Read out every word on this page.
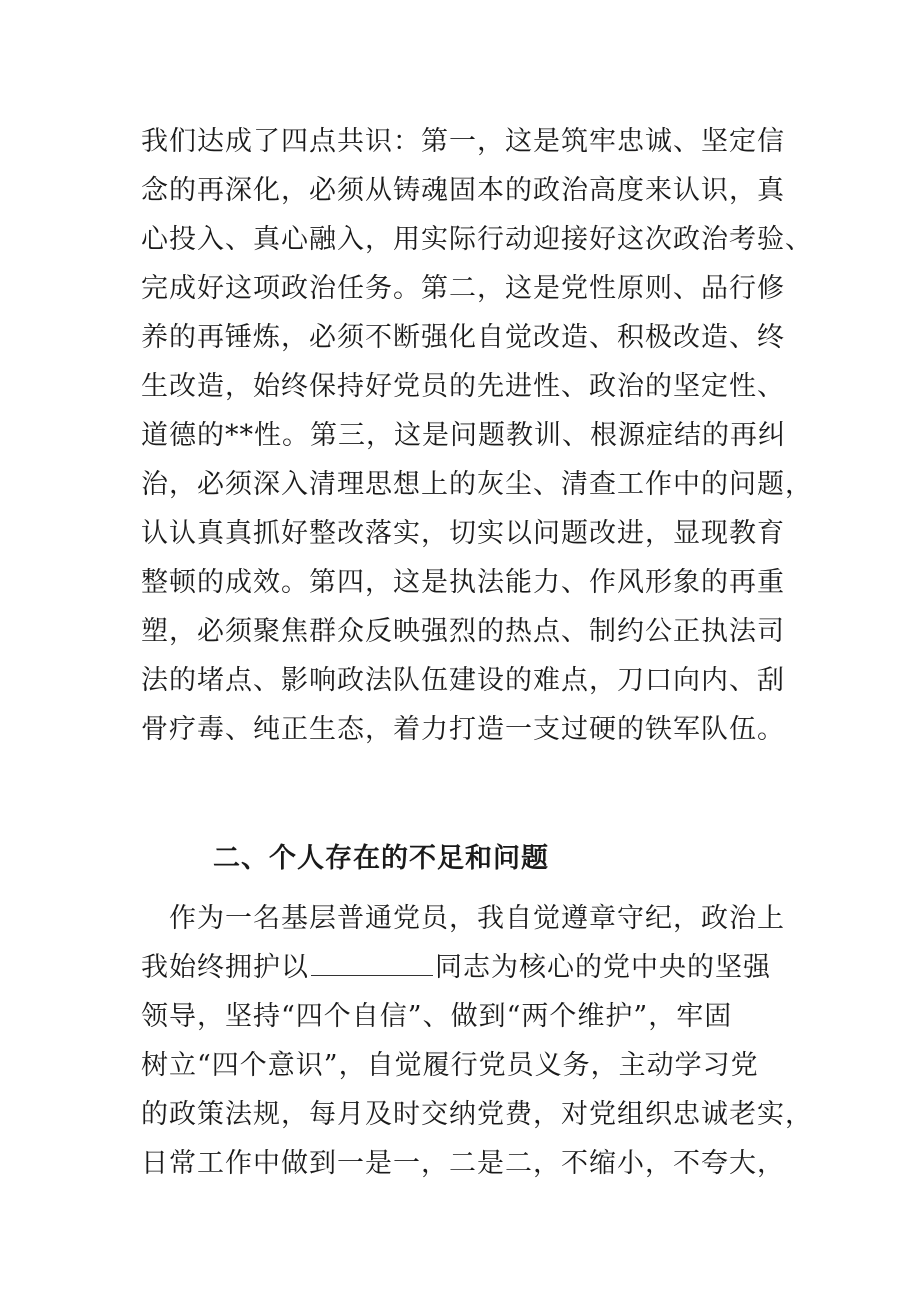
我们达成了四点共识：第一，这是筑牢忠诚、坚定信
念的再深化，必须从铸魂固本的政治高度来认识，真
心投入、真心融入，用实际行动迎接好这次政治考验、
完成好这项政治任务。第二，这是党性原则、品行修
养的再锤炼，必须不断强化自觉改造、积极改造、终
生改造，始终保持好党员的先进性、政治的坚定性、
道德的**性。第三，这是问题教训、根源症结的再纠
治，必须深入清理思想上的灰尘、清查工作中的问题，
认认真真抓好整改落实，切实以问题改进，显现教育
整顿的成效。第四，这是执法能力、作风形象的再重
塑，必须聚焦群众反映强烈的热点、制约公正执法司
法的堵点、影响政法队伍建设的难点，刀口向内、刮
骨疗毒、纯正生态，着力打造一支过硬的铁军队伍。
二、个人存在的不足和问题
　作为一名基层普通党员，我自觉遵章守纪，政治上
我始终拥护以	同志为核心的党中央的坚强
领导，坚持“四个自信”、做到“两个维护”，牢固
树立“四个意识”，自觉履行党员义务，主动学习党
的政策法规，每月及时交纳党费，对党组织忠诚老实，
日常工作中做到一是一，二是二，不缩小，不夸大，
